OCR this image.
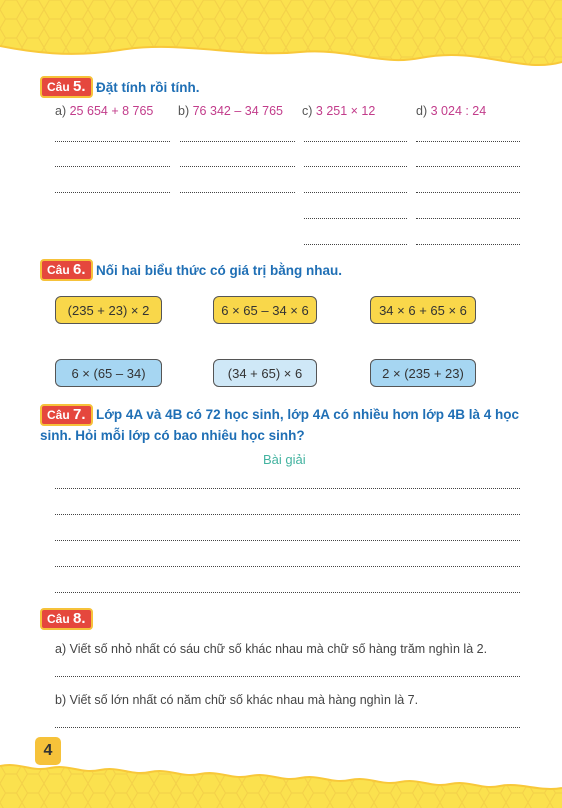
Câu 5. Đặt tính rồi tính.
a) 25 654 + 8 765 b) 76 342 – 34 765 c) 3 251 × 12	d) 3 024 : 24
Câu 6. Nối hai biểu thức có giá trị bằng nhau.
(235 + 23) × 2	6 × 65 – 34 × 6	34 × 6 + 65 × 6
6 × (65 – 34)	(34 + 65) × 6	2 × (235 + 23)
Câu 7. Lớp 4A và 4B có 72 học sinh, lớp 4A có nhiều hơn lớp 4B là 4 học
sinh. Hỏi mỗi lớp có bao nhiêu học sinh?
Bài giải
Câu 8.
a) Viết số nhỏ nhất có sáu chữ số khác nhau mà chữ số hàng trăm nghìn là 2.
b) Viết số lớn nhất có năm chữ số khác nhau mà hàng nghìn là 7.
4
